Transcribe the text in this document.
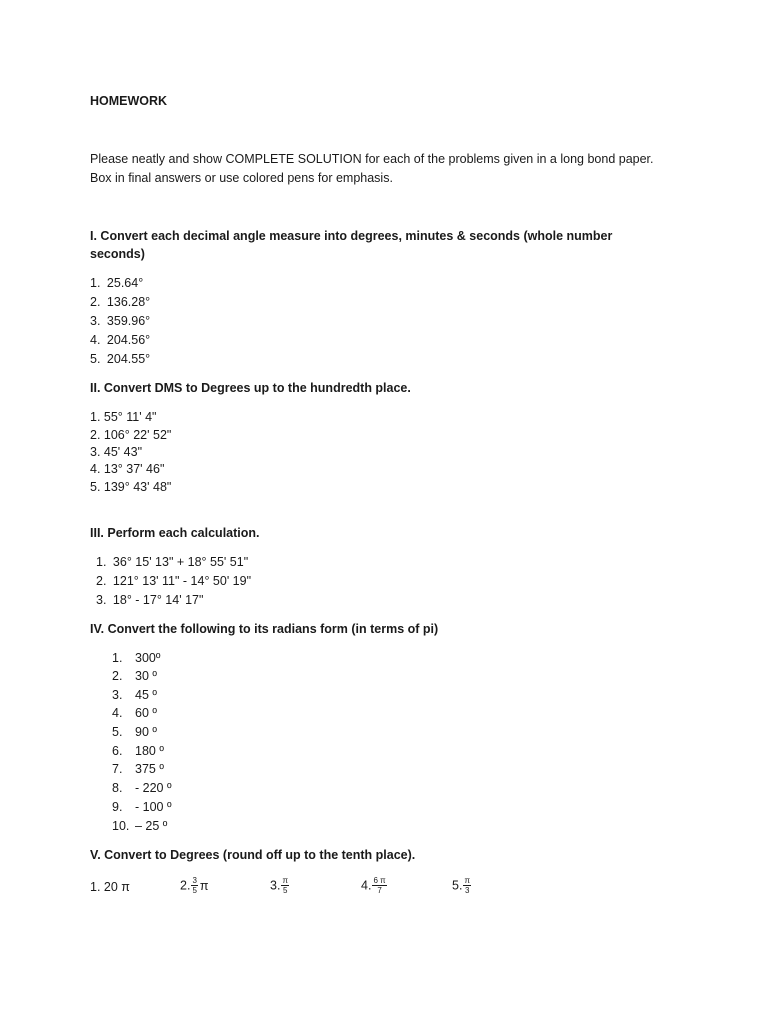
HOMEWORK
Please neatly and show COMPLETE SOLUTION for each of the problems given in a long bond paper.
Box in final answers or use colored pens for emphasis.
I. Convert each decimal angle measure into degrees, minutes & seconds (whole number
seconds)
1. 25.64°
2. 136.28°
3. 359.96°
4. 204.56°
5. 204.55°
II. Convert DMS to Degrees up to the hundredth place.
1. 55° 11' 4"
2. 106° 22' 52"
3. 45' 43"
4. 13° 37' 46"
5. 139° 43' 48"
III. Perform each calculation.
1. 36° 15' 13" + 18° 55' 51"
2. 121° 13' 11" - 14° 50' 19"
3. 18° - 17° 14' 17"
IV. Convert the following to its radians form (in terms of pi)
1. 300º
2. 30 º
3. 45 º
4. 60 º
5. 90 º
6. 180 º
7. 375 º
8. - 220 º
9. - 100 º
10. – 25 º
V. Convert to Degrees (round off up to the tenth place).
1. 20 π	2. $\frac{3}{5}$ π	3. $\frac{\pi}{5}$	4. $\frac{6 \pi}{7}$	5. $\frac{\pi}{3}$
